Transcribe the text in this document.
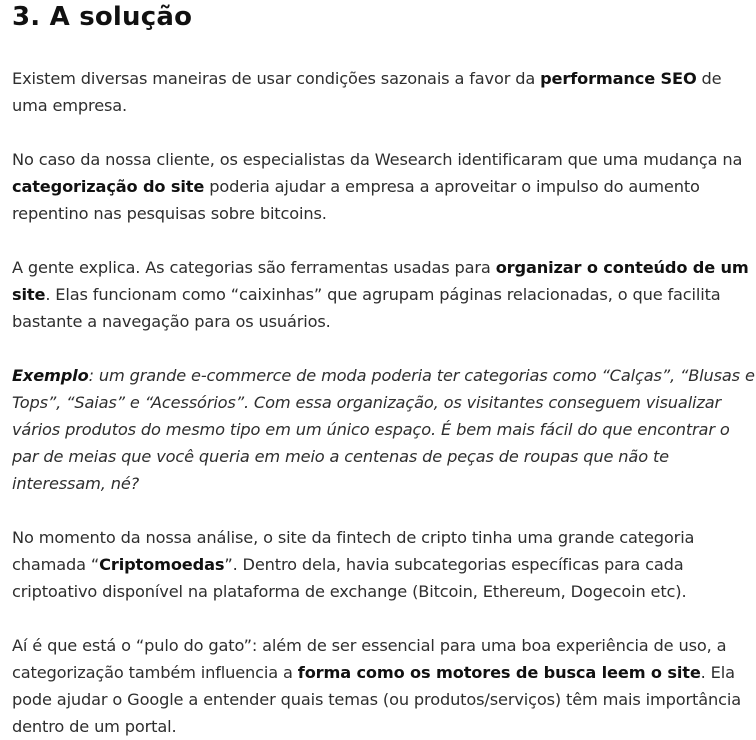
3. A solução

Existem diversas maneiras de usar condições sazonais a favor da performance SEO de uma empresa.

No caso da nossa cliente, os especialistas da Wesearch identificaram que uma mudança na categorização do site poderia ajudar a empresa a aproveitar o impulso do aumento repentino nas pesquisas sobre bitcoins.

A gente explica. As categorias são ferramentas usadas para organizar o conteúdo de um site. Elas funcionam como “caixinhas” que agrupam páginas relacionadas, o que facilita bastante a navegação para os usuários.

Exemplo: um grande e-commerce de moda poderia ter categorias como “Calças”, “Blusas e Tops”, “Saias” e “Acessórios”. Com essa organização, os visitantes conseguem visualizar vários produtos do mesmo tipo em um único espaço. É bem mais fácil do que encontrar o par de meias que você queria em meio a centenas de peças de roupas que não te interessam, né?

No momento da nossa análise, o site da fintech de cripto tinha uma grande categoria chamada “Criptomoedas”. Dentro dela, havia subcategorias específicas para cada criptoativo disponível na plataforma de exchange (Bitcoin, Ethereum, Dogecoin etc).

Aí é que está o “pulo do gato”: além de ser essencial para uma boa experiência de uso, a categorização também influencia a forma como os motores de busca leem o site. Ela pode ajudar o Google a entender quais temas (ou produtos/serviços) têm mais importância dentro de um portal.
